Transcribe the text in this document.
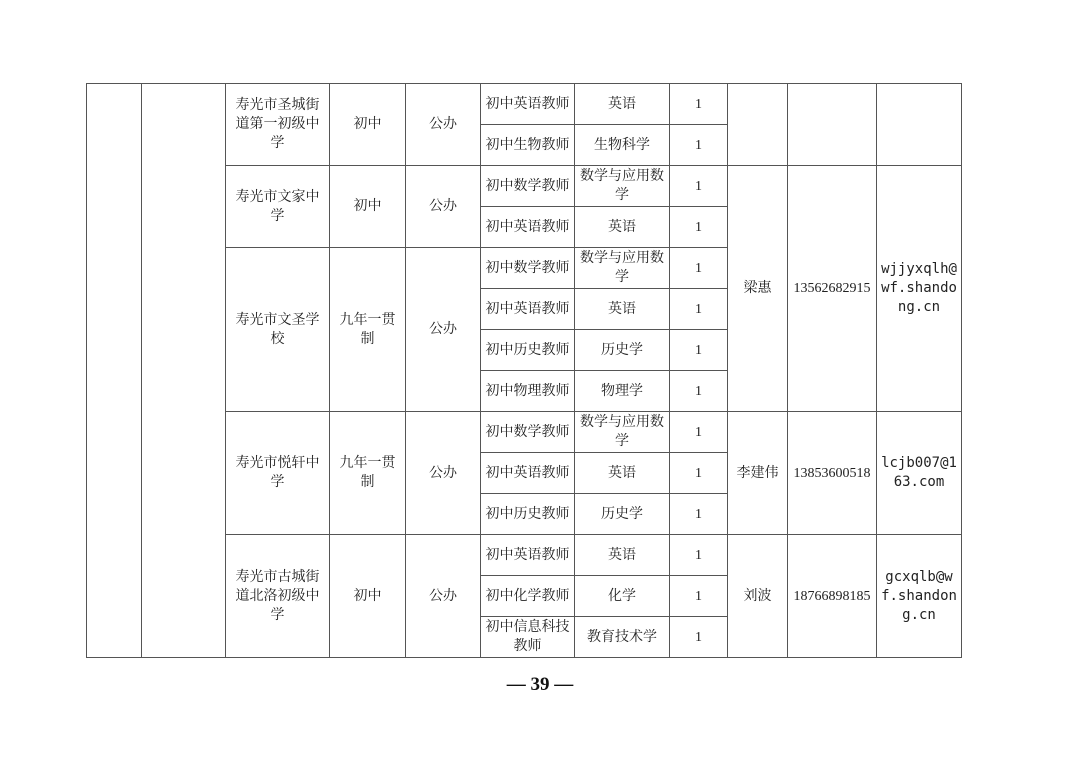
		寿光市圣城街道第一初级中学	初中	公办	初中英语教师	英语	1			
					初中生物教师	生物科学	1			
		寿光市文家中学	初中	公办	初中数学教师	数学与应用数学	1	梁惠	13562682915	wjjyxqlh@wf.shandong.cn
					初中英语教师	英语	1			
		寿光市文圣学校	九年一贯制	公办	初中数学教师	数学与应用数学	1			
					初中英语教师	英语	1			
					初中历史教师	历史学	1			
					初中物理教师	物理学	1			
		寿光市悦轩中学	九年一贯制	公办	初中数学教师	数学与应用数学	1	李建伟	13853600518	lcjb007@163.com
					初中英语教师	英语	1			
					初中历史教师	历史学	1			
		寿光市古城街道北洛初级中学	初中	公办	初中英语教师	英语	1	刘波	18766898185	gcxqlb@wf.shandong.cn
					初中化学教师	化学	1			
					初中信息科技教师	教育技术学	1			
— 39 —
